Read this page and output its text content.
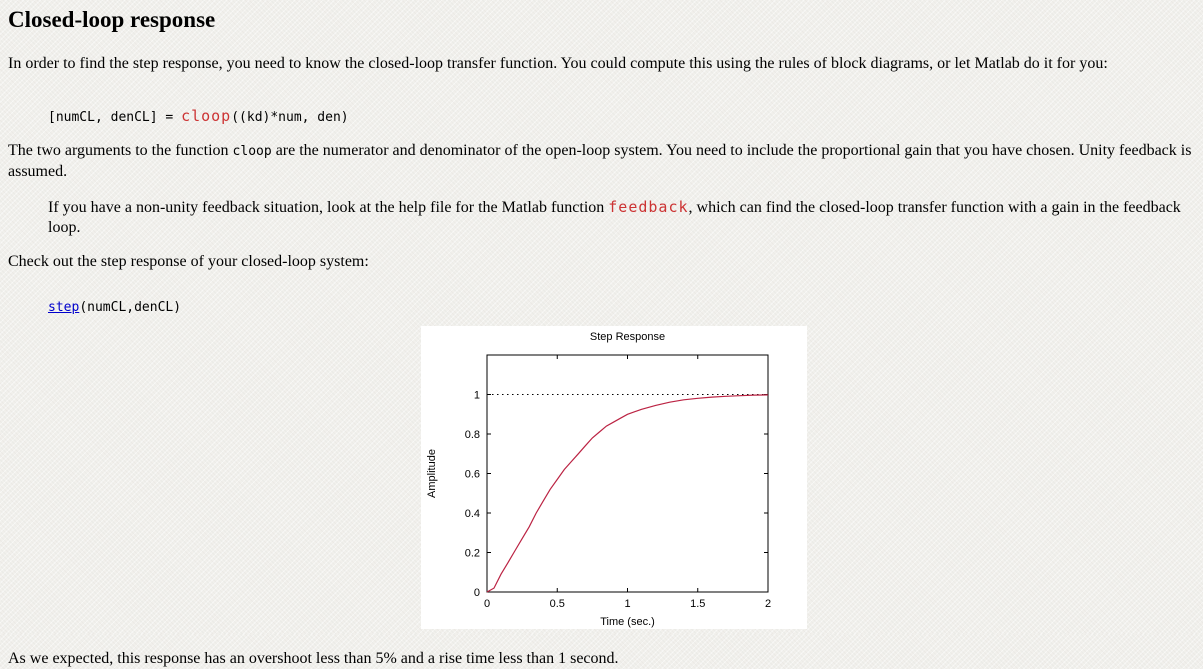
Closed-loop response

In order to find the step response, you need to know the closed-loop transfer function. You could compute this using the rules of block diagrams, or let Matlab do it for you:

[numCL, denCL] = cloop((kd)*num, den)

The two arguments to the function cloop are the numerator and denominator of the open-loop system. You need to include the proportional gain that you have chosen. Unity feedback is assumed.

If you have a non-unity feedback situation, look at the help file for the Matlab function feedback, which can find the closed-loop transfer function with a gain in the feedback loop.

Check out the step response of your closed-loop system:

step(numCL,denCL)
Step Response
0	0.5	1	1.5	2
0
0.2
0.4
0.6
0.8
1
Time (sec.)
Amplitude

As we expected, this response has an overshoot less than 5% and a rise time less than 1 second.
